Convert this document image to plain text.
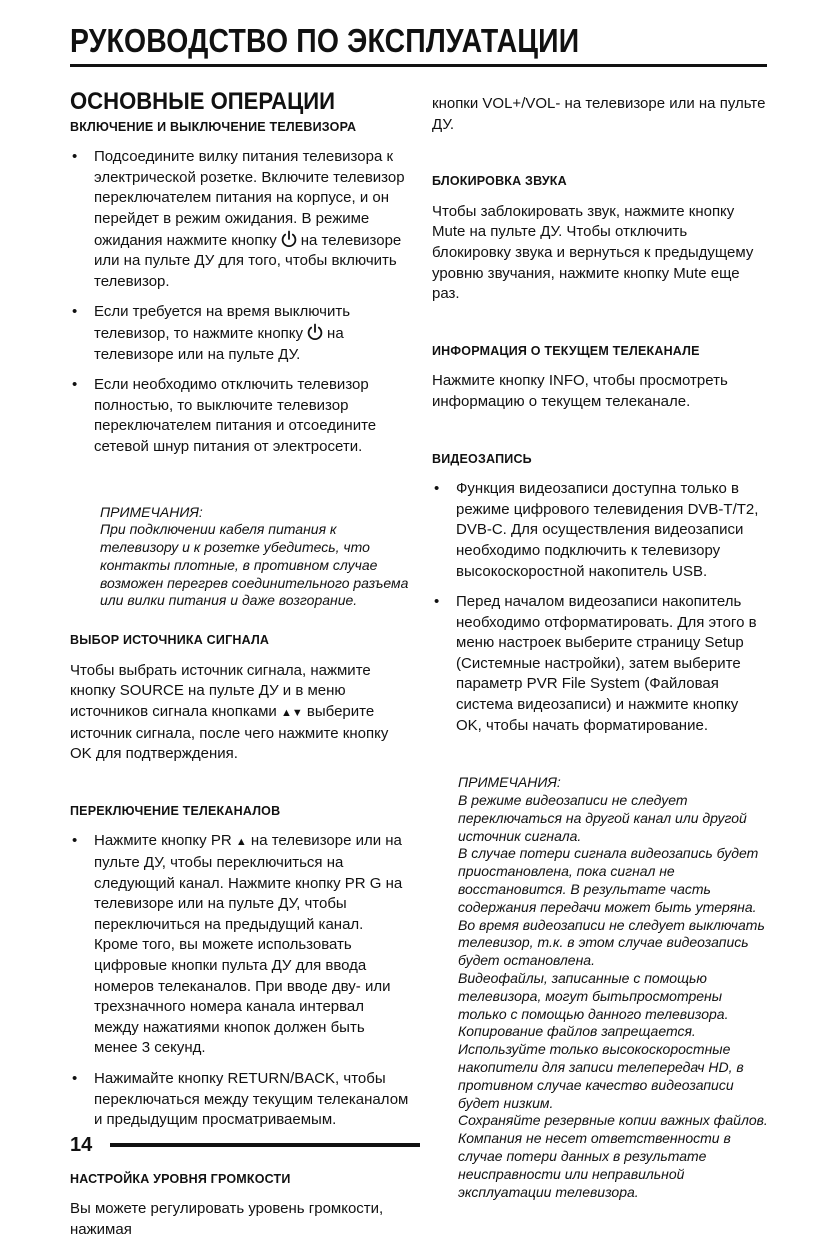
РУКОВОДСТВО ПО ЭКСПЛУАТАЦИИ
ОСНОВНЫЕ ОПЕРАЦИИ
ВКЛЮЧЕНИЕ И ВЫКЛЮЧЕНИЕ ТЕЛЕВИЗОРА
• Подсоедините вилку питания телевизора к электрической розетке. Включите телевизор переключателем питания на корпусе, и он перейдет в режим ожидания. В режиме ожидания нажмите кнопку на телевизоре или на пульте ДУ для того, чтобы включить телевизор.
• Если требуется на время выключить телевизор, то нажмите кнопку на телевизоре или на пульте ДУ.
• Если необходимо отключить телевизор полностью, то выключите телевизор переключателем питания и отсоедините сетевой шнур питания от электросети.
ПРИМЕЧАНИЯ:
При подключении кабеля питания к телевизору и к розетке убедитесь, что контакты плотные, в противном случае возможен перегрев соединительного разъема или вилки питания и даже возгорание.
ВЫБОР ИСТОЧНИКА СИГНАЛА

Чтобы выбрать источник сигнала, нажмите кнопку SOURCE на пульте ДУ и в меню источников сигнала кнопками ▲▼ выберите источник сигнала, после чего нажмите кнопку OK для подтверждения.

ПЕРЕКЛЮЧЕНИЕ ТЕЛЕКАНАЛОВ
• Нажмите кнопку PR ▲ на телевизоре или на пульте ДУ, чтобы переключиться на следующий канал. Нажмите кнопку PR G на телевизоре или на пульте ДУ, чтобы переключиться на предыдущий канал. Кроме того, вы можете использовать цифровые кнопки пульта ДУ для ввода номеров телеканалов. При вводе дву- или трехзначного номера канала интервал между нажатиями кнопок должен быть менее 3 секунд.
• Нажимайте кнопку RETURN/BACK, чтобы переключаться между текущим телеканалом и предыдущим просматриваемым.
НАСТРОЙКА УРОВНЯ ГРОМКОСТИ

Вы можете регулировать уровень громкости, нажимая

кнопки VOL+/VOL- на телевизоре или на пульте ДУ.

БЛОКИРОВКА ЗВУКА

Чтобы заблокировать звук, нажмите кнопку Mute на пульте ДУ. Чтобы отключить блокировку звука и вернуться к предыдущему уровню звучания, нажмите кнопку Mute еще раз.

ИНФОРМАЦИЯ О ТЕКУЩЕМ ТЕЛЕКАНАЛЕ

Нажмите кнопку INFO, чтобы просмотреть информацию о текущем телеканале.

ВИДЕОЗАПИСЬ
• Функция видеозаписи доступна только в режиме цифрового телевидения DVB-T/T2, DVB-C. Для осуществления видеозаписи необходимо подключить к телевизору высокоскоростной накопитель USB.
• Перед началом видеозаписи накопитель необходимо отформатировать. Для этого в меню настроек выберите страницу Setup (Системные настройки), затем выберите параметр PVR File System (Файловая система видеозаписи) и нажмите кнопку OK, чтобы начать форматирование.
ПРИМЕЧАНИЯ:
В режиме видеозаписи не следует переключаться на другой канал или другой источник сигнала.
В случае потери сигнала видеозапись будет приостановлена, пока сигнал не восстановится. В результате часть содержания передачи может быть утеряна.
Во время видеозаписи не следует выключать телевизор, т.к. в этом случае видеозапись будет остановлена.
Видеофайлы, записанные с помощью телевизора, могут бытьпросмотрены только с помощью данного телевизора. Копирование файлов запрещается.
Используйте только высокоскоростные накопители для записи телепередач HD, в противном случае качество видеозаписи будет низким.
Сохраняйте резервные копии важных файлов.
Компания не несет ответственности в случае потери данных в результате неисправности или неправильной эксплуатации телевизора.
14
